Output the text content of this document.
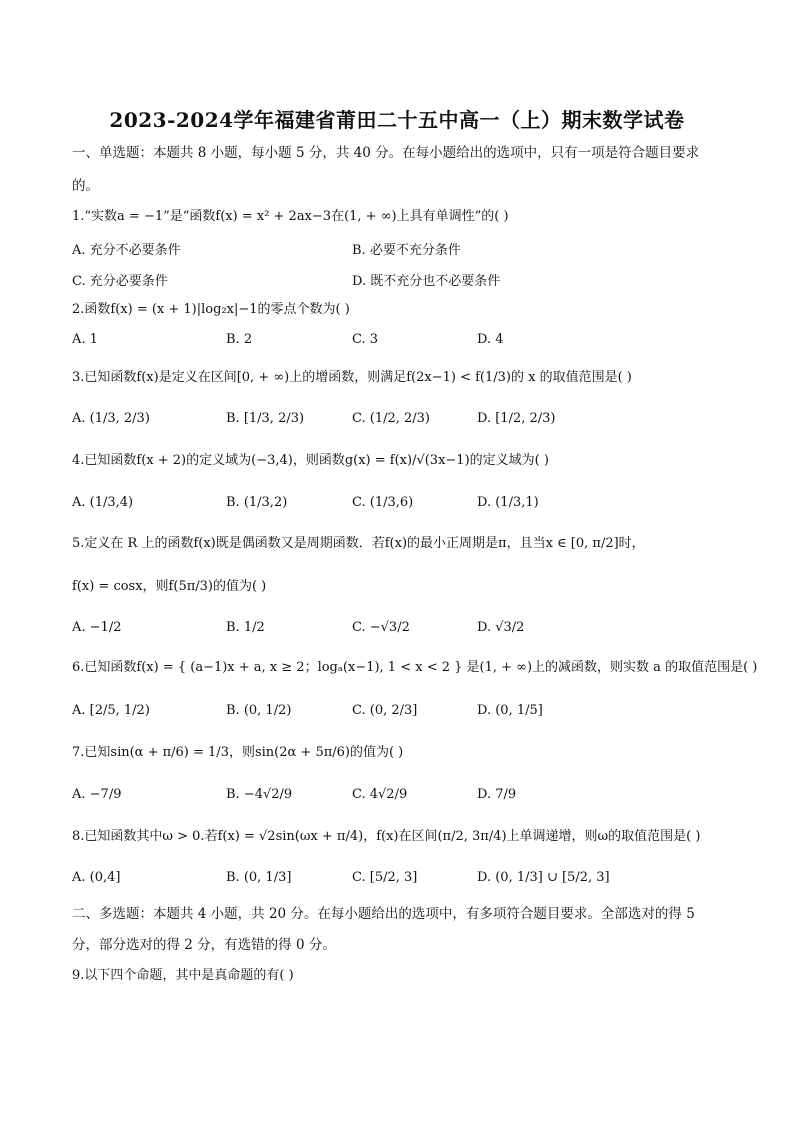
2023-2024学年福建省莆田二十五中高一（上）期末数学试卷
一、单选题：本题共 8 小题，每小题 5 分，共 40 分。在每小题给出的选项中，只有一项是符合题目要求
的。
1.“实数a = −1”是“函数f(x) = x² + 2ax−3在(1, + ∞)上具有单调性”的( )
A. 充分不必要条件	B. 必要不充分条件
C. 充分必要条件	D. 既不充分也不必要条件
2.函数f(x) = (x + 1)|log₂x|−1的零点个数为( )
A. 1	B. 2	C. 3	D. 4
3.已知函数f(x)是定义在区间[0, + ∞)上的增函数，则满足f(2x−1) < f(1/3)的 x 的取值范围是( )
A. (1/3, 2/3)	B. [1/3, 2/3)	C. (1/2, 2/3)	D. [1/2, 2/3)
4.已知函数f(x + 2)的定义域为(−3,4)，则函数g(x) = f(x)/√(3x−1)的定义域为( )
A. (1/3,4)	B. (1/3,2)	C. (1/3,6)	D. (1/3,1)
5.定义在 R 上的函数f(x)既是偶函数又是周期函数．若f(x)的最小正周期是π，且当x ∈ [0, π/2]时，
f(x) = cosx，则f(5π/3)的值为( )
A. −1/2	B. 1/2	C. −√3/2	D. √3/2
6.已知函数f(x) = { (a−1)x + a, x ≥ 2；logₐ(x−1), 1 < x < 2 } 是(1, + ∞)上的减函数，则实数 a 的取值范围是( )
A. [2/5, 1/2)	B. (0, 1/2)	C. (0, 2/3]	D. (0, 1/5]
7.已知sin(α + π/6) = 1/3，则sin(2α + 5π/6)的值为( )
A. −7/9	B. −4√2/9	C. 4√2/9	D. 7/9
8.已知函数其中ω > 0.若f(x) = √2sin(ωx + π/4)，f(x)在区间(π/2, 3π/4)上单调递增，则ω的取值范围是( )
A. (0,4]	B. (0, 1/3]	C. [5/2, 3]	D. (0, 1/3] ∪ [5/2, 3]
二、多选题：本题共 4 小题，共 20 分。在每小题给出的选项中，有多项符合题目要求。全部选对的得 5
分，部分选对的得 2 分，有选错的得 0 分。
9.以下四个命题，其中是真命题的有( )
